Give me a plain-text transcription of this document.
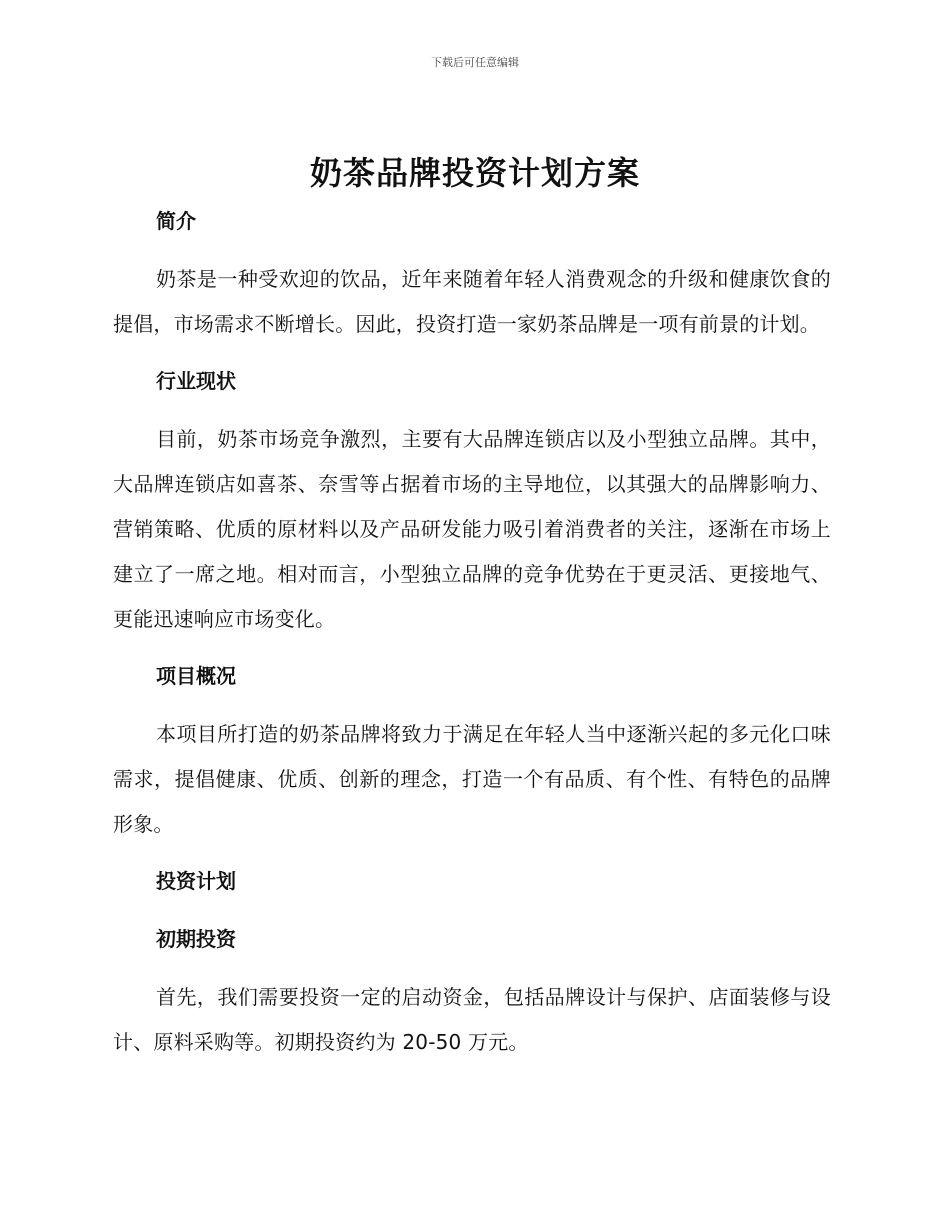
下载后可任意编辑
奶茶品牌投资计划方案
简介

奶茶是一种受欢迎的饮品，近年来随着年轻人消费观念的升级和健康饮食的提倡，市场需求不断增长。因此，投资打造一家奶茶品牌是一项有前景的计划。

行业现状

目前，奶茶市场竞争激烈，主要有大品牌连锁店以及小型独立品牌。其中，大品牌连锁店如喜茶、奈雪等占据着市场的主导地位，以其强大的品牌影响力、营销策略、优质的原材料以及产品研发能力吸引着消费者的关注，逐渐在市场上建立了一席之地。相对而言，小型独立品牌的竞争优势在于更灵活、更接地气、更能迅速响应市场变化。

项目概况

本项目所打造的奶茶品牌将致力于满足在年轻人当中逐渐兴起的多元化口味需求，提倡健康、优质、创新的理念，打造一个有品质、有个性、有特色的品牌形象。

投资计划
初期投资

首先，我们需要投资一定的启动资金，包括品牌设计与保护、店面装修与设计、原料采购等。初期投资约为 20-50 万元。
